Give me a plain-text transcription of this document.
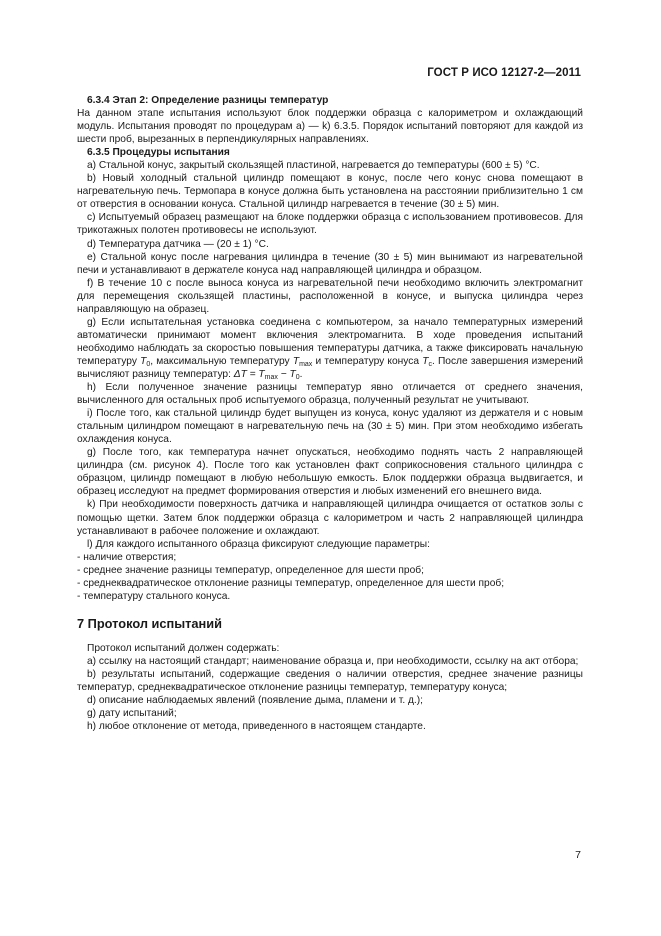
ГОСТ Р ИСО 12127-2—2011

6.3.4 Этап 2: Определение разницы температур

На данном этапе испытания используют блок поддержки образца с калориметром и охлаждающий модуль. Испытания проводят по процедурам а) — k) 6.3.5. Порядок испытаний повторяют для каждой из шести проб, вырезанных в перпендикулярных направлениях.

6.3.5 Процедуры испытания

а) Стальной конус, закрытый скользящей пластиной, нагревается до температуры (600 ± 5) °С.

b) Новый холодный стальной цилиндр помещают в конус, после чего конус снова помещают в нагревательную печь. Термопара в конусе должна быть установлена на расстоянии приблизительно 1 см от отверстия в основании конуса. Стальной цилиндр нагревается в течение (30 ± 5) мин.

c) Испытуемый образец размещают на блоке поддержки образца с использованием противовесов. Для трикотажных полотен противовесы не используют.

d) Температура датчика — (20 ± 1) °С.

e) Стальной конус после нагревания цилиндра в течение (30 ± 5) мин вынимают из нагревательной печи и устанавливают в держателе конуса над направляющей цилиндра и образцом.

f) В течение 10 с после выноса конуса из нагревательной печи необходимо включить электромагнит для перемещения скользящей пластины, расположенной в конусе, и выпуска цилиндра через направляющую на образец.

g) Если испытательная установка соединена с компьютером, за начало температурных измерений автоматически принимают момент включения электромагнита. В ходе проведения испытаний необходимо наблюдать за скоростью повышения температуры датчика, а также фиксировать начальную температуру $T_0$, максимальную температуру $T_{max}$ и температуру конуса $T_c$. После завершения измерений вычисляют разницу температур: $\Delta T = T_{max} - T_0$.

h) Если полученное значение разницы температур явно отличается от среднего значения, вычисленного для остальных проб испытуемого образца, полученный результат не учитывают.

i) После того, как стальной цилиндр будет выпущен из конуса, конус удаляют из держателя и с новым стальным цилиндром помещают в нагревательную печь на (30 ± 5) мин. При этом необходимо избегать охлаждения конуса.

g) После того, как температура начнет опускаться, необходимо поднять часть 2 направляющей цилиндра (см. рисунок 4). После того как установлен факт соприкосновения стального цилиндра с образцом, цилиндр помещают в любую небольшую емкость. Блок поддержки образца выдвигается, и образец исследуют на предмет формирования отверстия и любых изменений его внешнего вида.

k) При необходимости поверхность датчика и направляющей цилиндра очищается от остатков золы с помощью щетки. Затем блок поддержки образца с калориметром и часть 2 направляющей цилиндра устанавливают в рабочее положение и охлаждают.

l) Для каждого испытанного образца фиксируют следующие параметры:

- наличие отверстия;

- среднее значение разницы температур, определенное для шести проб;

- среднеквадратическое отклонение разницы температур, определенное для шести проб;

- температуру стального конуса.

7 Протокол испытаний

Протокол испытаний должен содержать:

а) ссылку на настоящий стандарт; наименование образца и, при необходимости, ссылку на акт отбора;

b) результаты испытаний, содержащие сведения о наличии отверстия, среднее значение разницы температур, среднеквадратическое отклонение разницы температур, температуру конуса;

d) описание наблюдаемых явлений (появление дыма, пламени и т. д.);

g) дату испытаний;

h) любое отклонение от метода, приведенного в настоящем стандарте.

7
